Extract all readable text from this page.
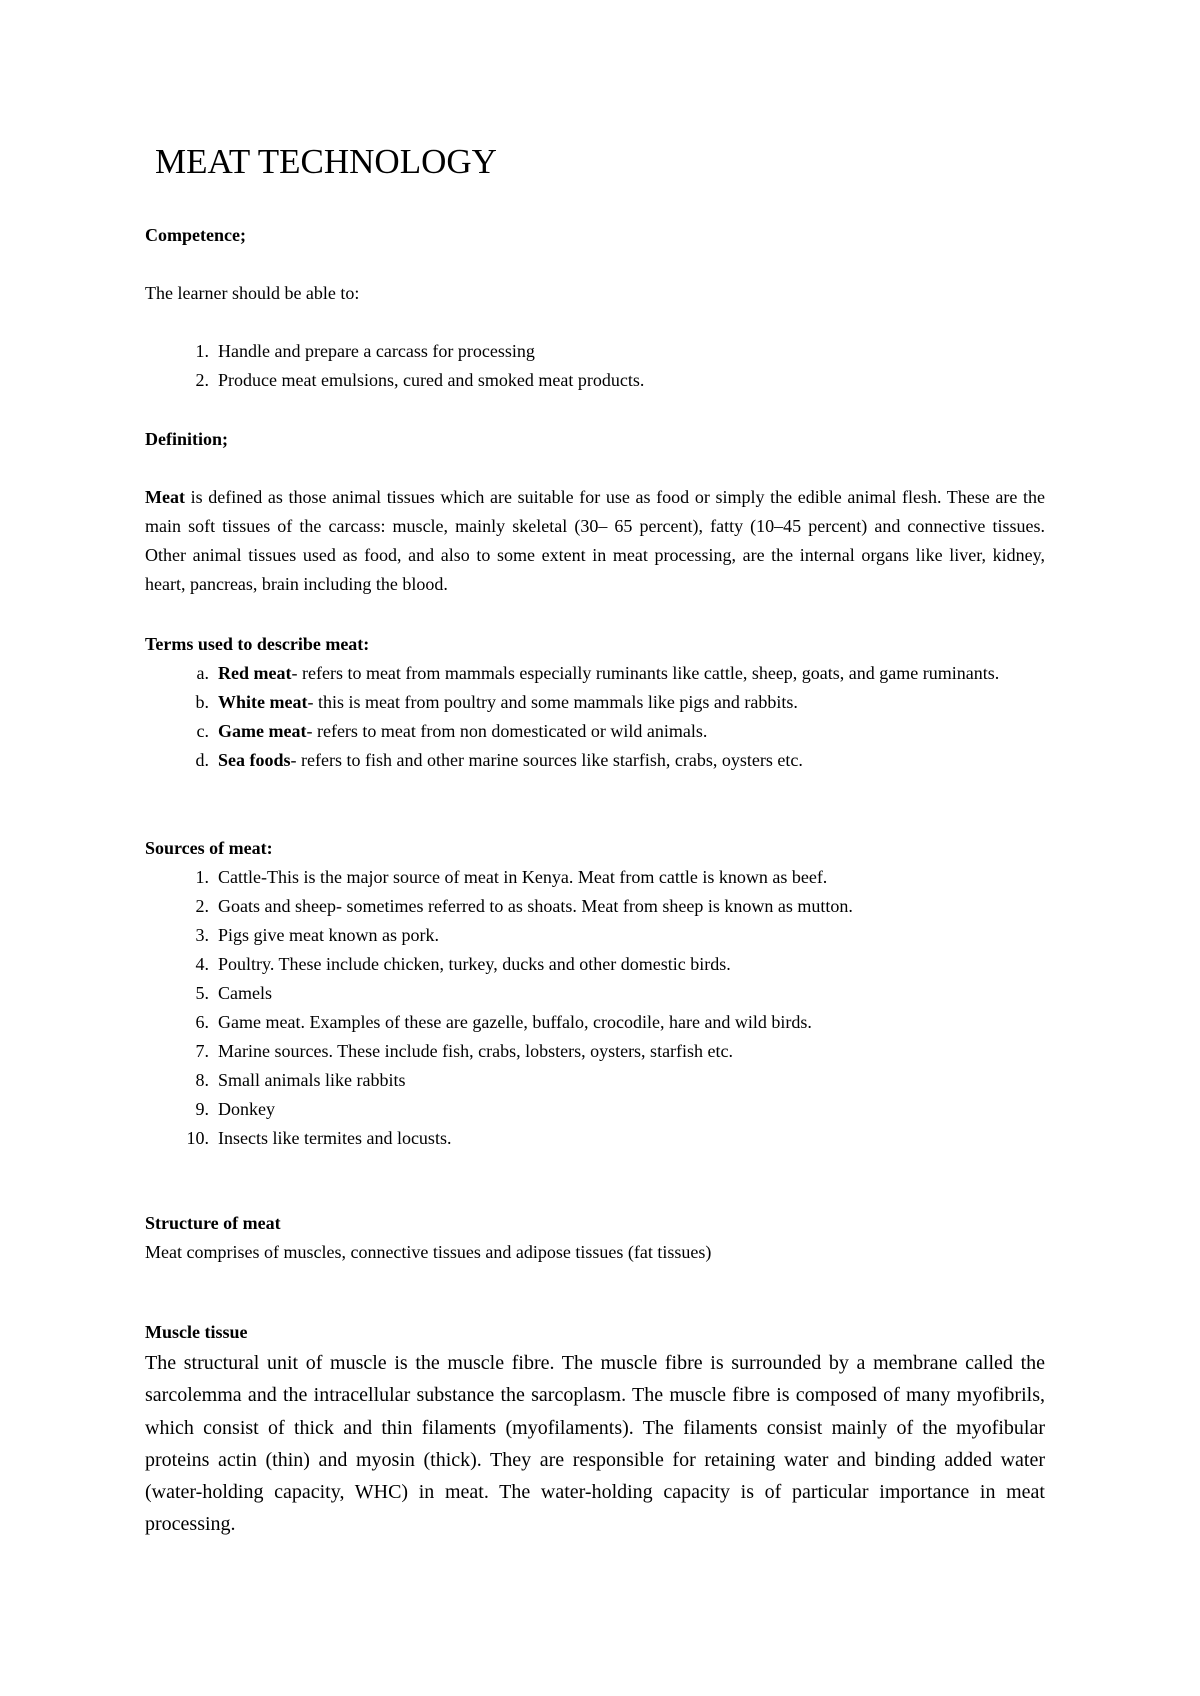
MEAT TECHNOLOGY

Competence;

The learner should be able to:

1. Handle and prepare a carcass for processing
2. Produce meat emulsions, cured and smoked meat products.

Definition;

Meat is defined as those animal tissues which are suitable for use as food or simply the edible animal flesh. These are the main soft tissues of the carcass: muscle, mainly skeletal (30– 65 percent), fatty (10–45 percent) and connective tissues. Other animal tissues used as food, and also to some extent in meat processing, are the internal organs like liver, kidney, heart, pancreas, brain including the blood.

Terms used to describe meat:

a. Red meat- refers to meat from mammals especially ruminants like cattle, sheep, goats, and game ruminants.
b. White meat- this is meat from poultry and some mammals like pigs and rabbits.
c. Game meat- refers to meat from non domesticated or wild animals.
d. Sea foods- refers to fish and other marine sources like starfish, crabs, oysters etc.

Sources of meat:

1. Cattle-This is the major source of meat in Kenya. Meat from cattle is known as beef.
2. Goats and sheep- sometimes referred to as shoats. Meat from sheep is known as mutton.
3. Pigs give meat known as pork.
4. Poultry. These include chicken, turkey, ducks and other domestic birds.
5. Camels
6. Game meat. Examples of these are gazelle, buffalo, crocodile, hare and wild birds.
7. Marine sources. These include fish, crabs, lobsters, oysters, starfish etc.
8. Small animals like rabbits
9. Donkey
10. Insects like termites and locusts.

Structure of meat

Meat comprises of muscles, connective tissues and adipose tissues (fat tissues)

Muscle tissue

The structural unit of muscle is the muscle fibre. The muscle fibre is surrounded by a membrane called the sarcolemma and the intracellular substance the sarcoplasm. The muscle fibre is composed of many myofibrils, which consist of thick and thin filaments (myofilaments). The filaments consist mainly of the myofibular proteins actin (thin) and myosin (thick). They are responsible for retaining water and binding added water (water-holding capacity, WHC) in meat. The water-holding capacity is of particular importance in meat processing.
